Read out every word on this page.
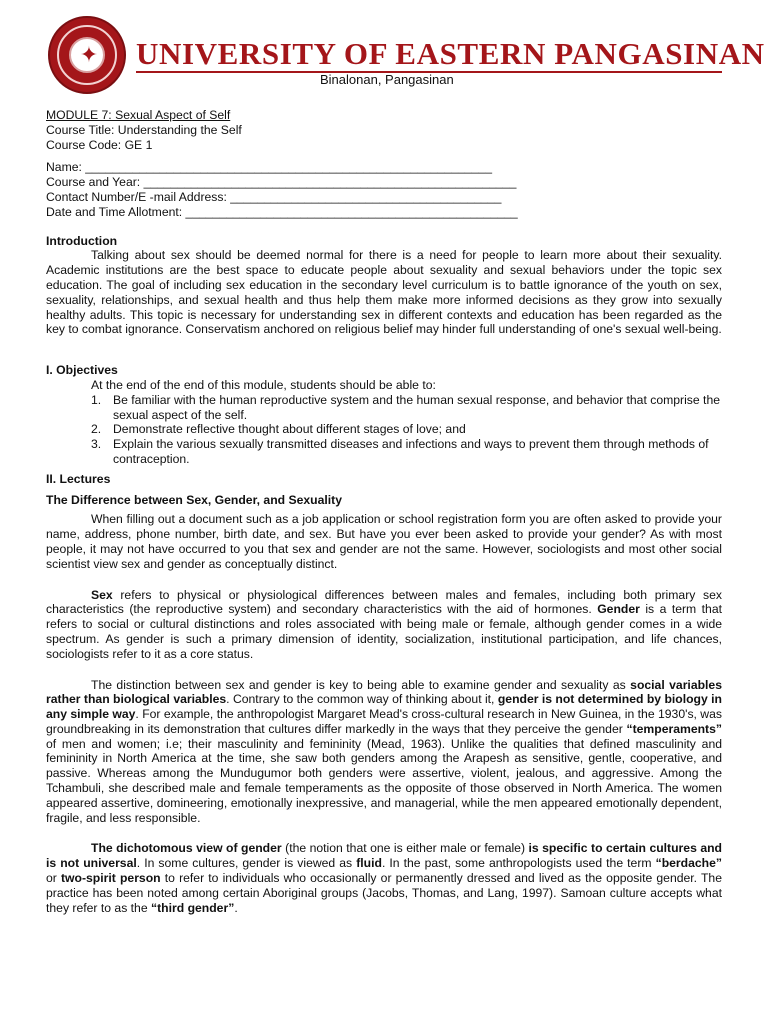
✦ UNIVERSITY OF EASTERN PANGASINAN
Binalonan, Pangasinan

MODULE 7: Sexual Aspect of Self

Course Title: Understanding the Self

Course Code: GE 1

Name: ____________________________________________________________

Course and Year: _______________________________________________________

Contact Number/E -mail Address: ________________________________________

Date and Time Allotment: _________________________________________________

Introduction

Talking about sex should be deemed normal for there is a need for people to learn more about their sexuality. Academic institutions are the best space to educate people about sexuality and sexual behaviors under the topic sex education. The goal of including sex education in the secondary level curriculum is to battle ignorance of the youth on sex, sexuality, relationships, and sexual health and thus help them make more informed decisions as they grow into sexually healthy adults. This topic is necessary for understanding sex in different contexts and education has been regarded as the key to combat ignorance. Conservatism anchored on religious belief may hinder full understanding of one's sexual well-being.

I. Objectives

At the end of the end of this module, students should be able to:

1. Be familiar with the human reproductive system and the human sexual response, and behavior that comprise the sexual aspect of the self.
2. Demonstrate reflective thought about different stages of love; and
3. Explain the various sexually transmitted diseases and infections and ways to prevent them through methods of contraception.

II. Lectures

The Difference between Sex, Gender, and Sexuality

When filling out a document such as a job application or school registration form you are often asked to provide your name, address, phone number, birth date, and sex. But have you ever been asked to provide your gender? As with most people, it may not have occurred to you that sex and gender are not the same. However, sociologists and most other social scientist view sex and gender as conceptually distinct.

Sex refers to physical or physiological differences between males and females, including both primary sex characteristics (the reproductive system) and secondary characteristics with the aid of hormones. Gender is a term that refers to social or cultural distinctions and roles associated with being male or female, although gender comes in a wide spectrum. As gender is such a primary dimension of identity, socialization, institutional participation, and life chances, sociologists refer to it as a core status.

The distinction between sex and gender is key to being able to examine gender and sexuality as social variables rather than biological variables. Contrary to the common way of thinking about it, gender is not determined by biology in any simple way. For example, the anthropologist Margaret Mead's cross-cultural research in New Guinea, in the 1930's, was groundbreaking in its demonstration that cultures differ markedly in the ways that they perceive the gender “temperaments” of men and women; i.e; their masculinity and femininity (Mead, 1963). Unlike the qualities that defined masculinity and femininity in North America at the time, she saw both genders among the Arapesh as sensitive, gentle, cooperative, and passive. Whereas among the Mundugumor both genders were assertive, violent, jealous, and aggressive. Among the Tchambuli, she described male and female temperaments as the opposite of those observed in North America. The women appeared assertive, domineering, emotionally inexpressive, and managerial, while the men appeared emotionally dependent, fragile, and less responsible.

The dichotomous view of gender (the notion that one is either male or female) is specific to certain cultures and is not universal. In some cultures, gender is viewed as fluid. In the past, some anthropologists used the term “berdache” or two-spirit person to refer to individuals who occasionally or permanently dressed and lived as the opposite gender. The practice has been noted among certain Aboriginal groups (Jacobs, Thomas, and Lang, 1997). Samoan culture accepts what they refer to as the “third gender”.
